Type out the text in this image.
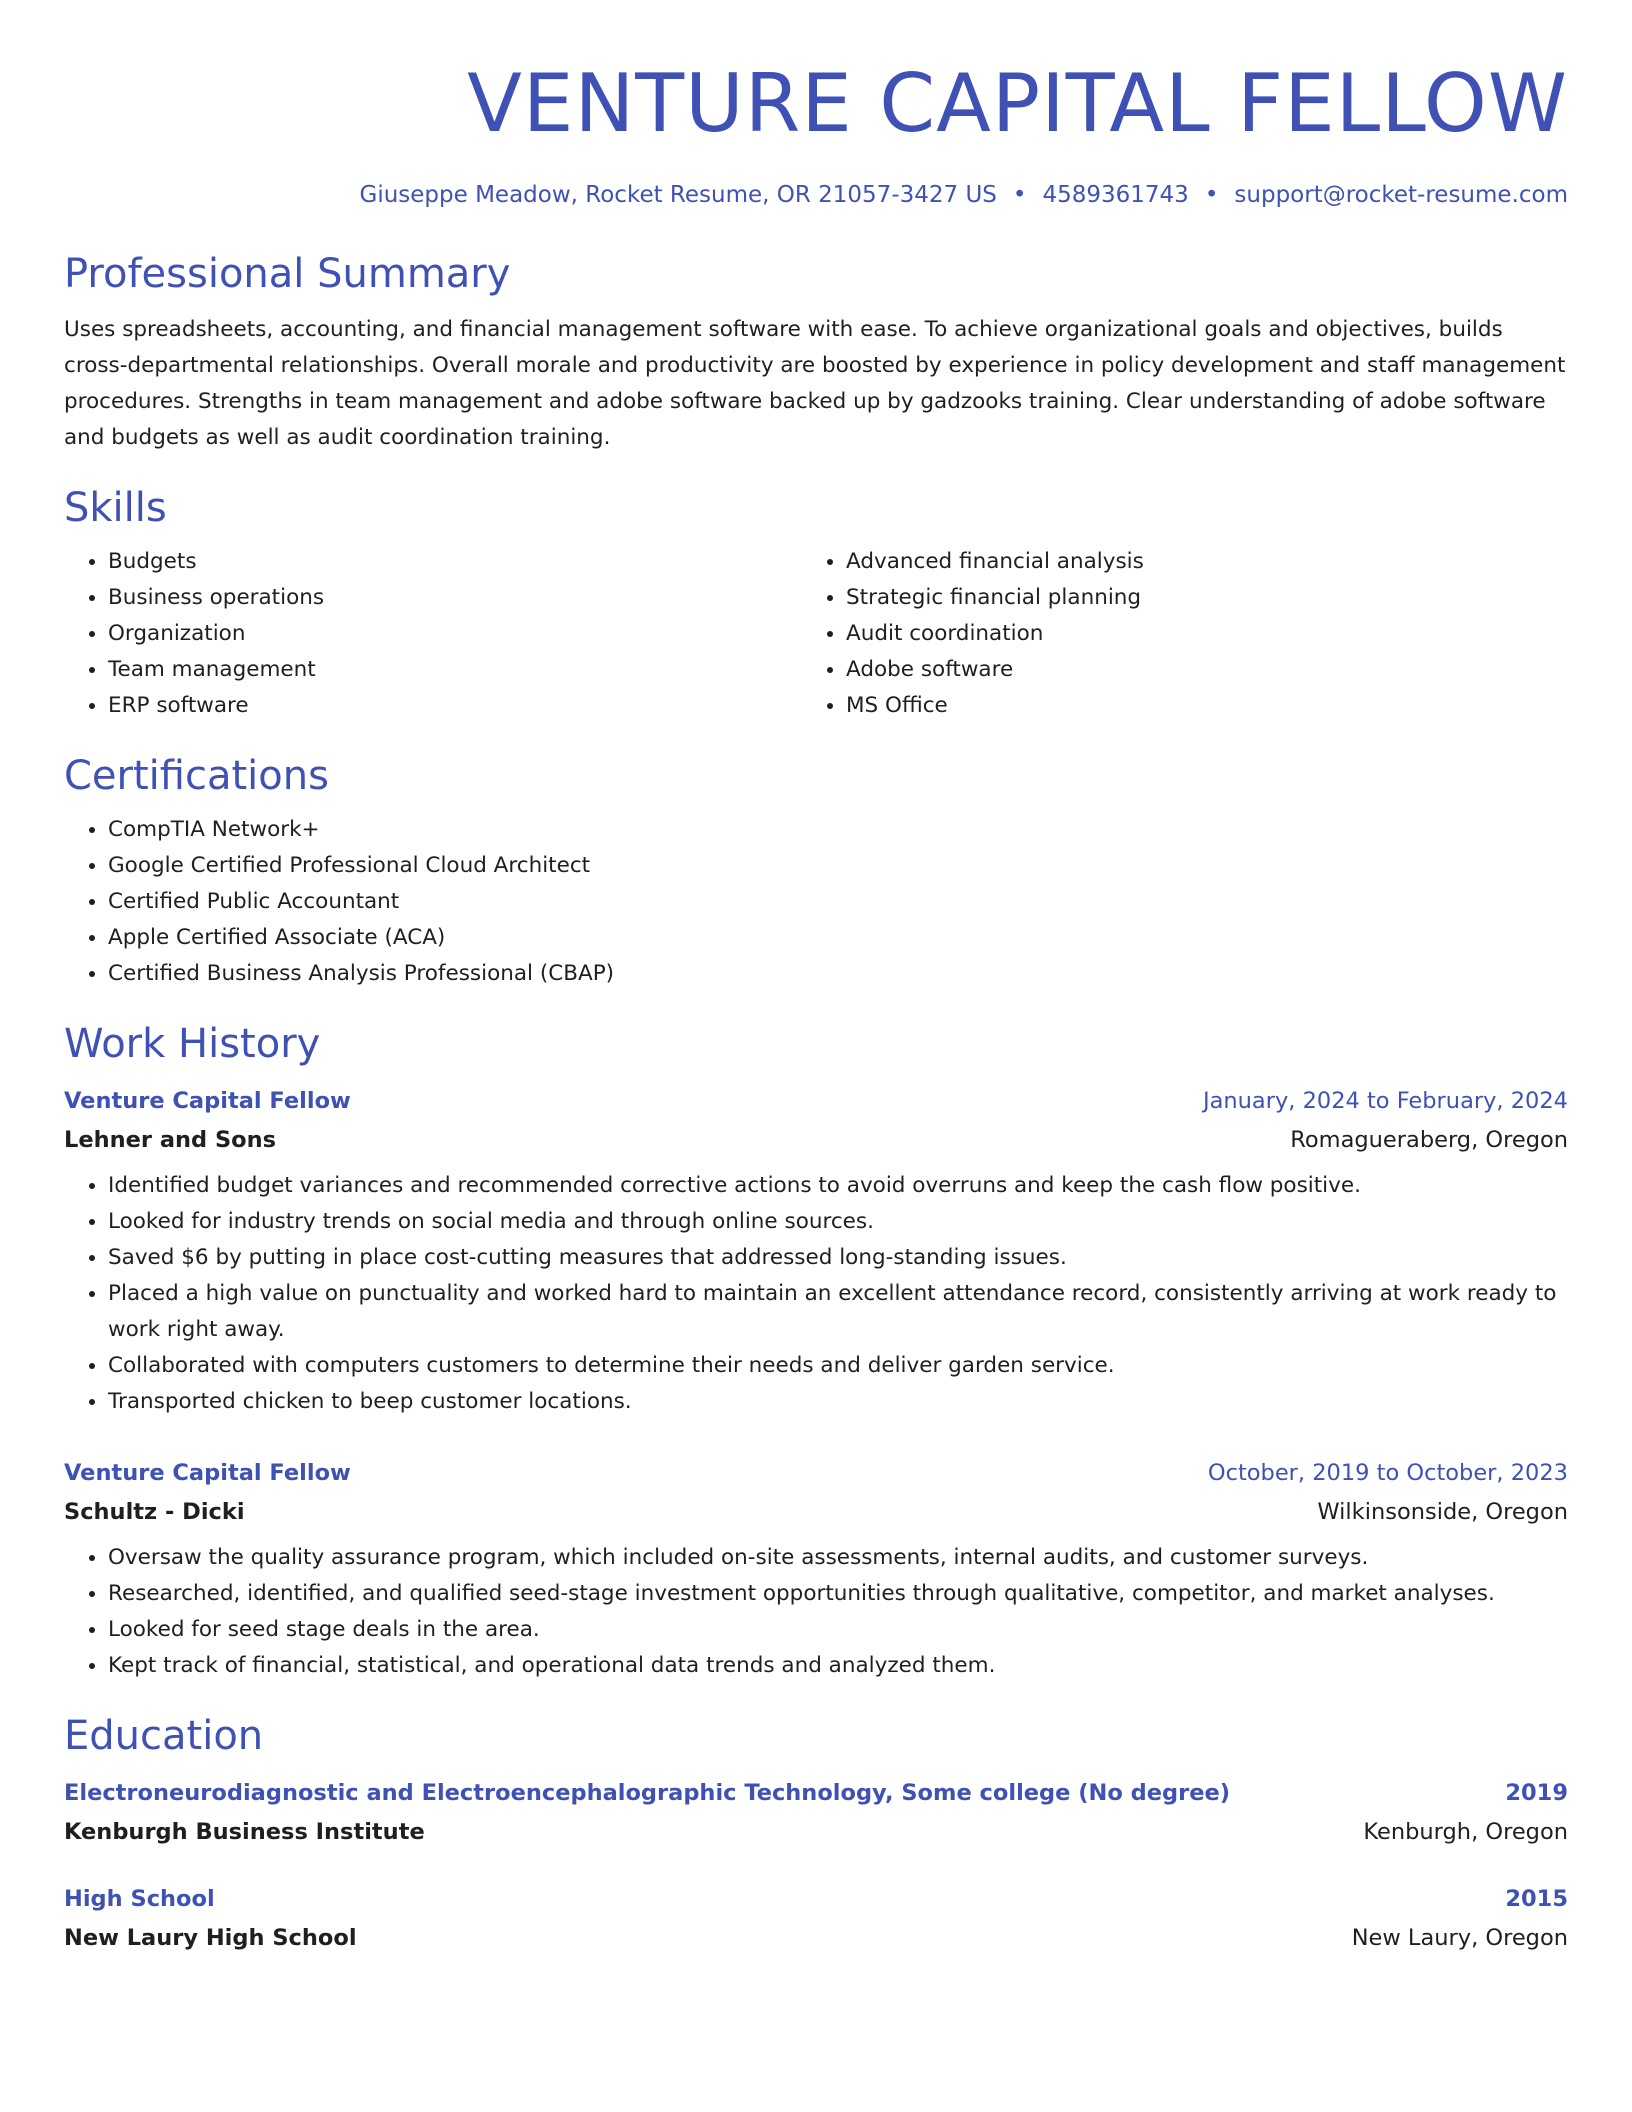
VENTURE CAPITAL FELLOW
Giuseppe Meadow, Rocket Resume, OR 21057-3427 US • 4589361743 • support@rocket-resume.com
Professional Summary

Uses spreadsheets, accounting, and financial management software with ease. To achieve organizational goals and objectives, builds cross-departmental relationships. Overall morale and productivity are boosted by experience in policy development and staff management procedures. Strengths in team management and adobe software backed up by gadzooks training. Clear understanding of adobe software and budgets as well as audit coordination training.

Skills
• Budgets
• Business operations
• Organization
• Team management
• ERP software
• Advanced financial analysis
• Strategic financial planning
• Audit coordination
• Adobe software
• MS Office
Certifications
• CompTIA Network+
• Google Certified Professional Cloud Architect
• Certified Public Accountant
• Apple Certified Associate (ACA)
• Certified Business Analysis Professional (CBAP)
Work History
Venture Capital Fellow	January, 2024 to February, 2024
Lehner and Sons	Romagueraberg, Oregon
• Identified budget variances and recommended corrective actions to avoid overruns and keep the cash flow positive.
• Looked for industry trends on social media and through online sources.
• Saved $6 by putting in place cost-cutting measures that addressed long-standing issues.
• Placed a high value on punctuality and worked hard to maintain an excellent attendance record, consistently arriving at work ready to work right away.
• Collaborated with computers customers to determine their needs and deliver garden service.
• Transported chicken to beep customer locations.
Venture Capital Fellow	October, 2019 to October, 2023
Schultz - Dicki	Wilkinsonside, Oregon
• Oversaw the quality assurance program, which included on-site assessments, internal audits, and customer surveys.
• Researched, identified, and qualified seed-stage investment opportunities through qualitative, competitor, and market analyses.
• Looked for seed stage deals in the area.
• Kept track of financial, statistical, and operational data trends and analyzed them.
Education
Electroneurodiagnostic and Electroencephalographic Technology, Some college (No degree)	2019
Kenburgh Business Institute	Kenburgh, Oregon
High School	2015
New Laury High School	New Laury, Oregon
